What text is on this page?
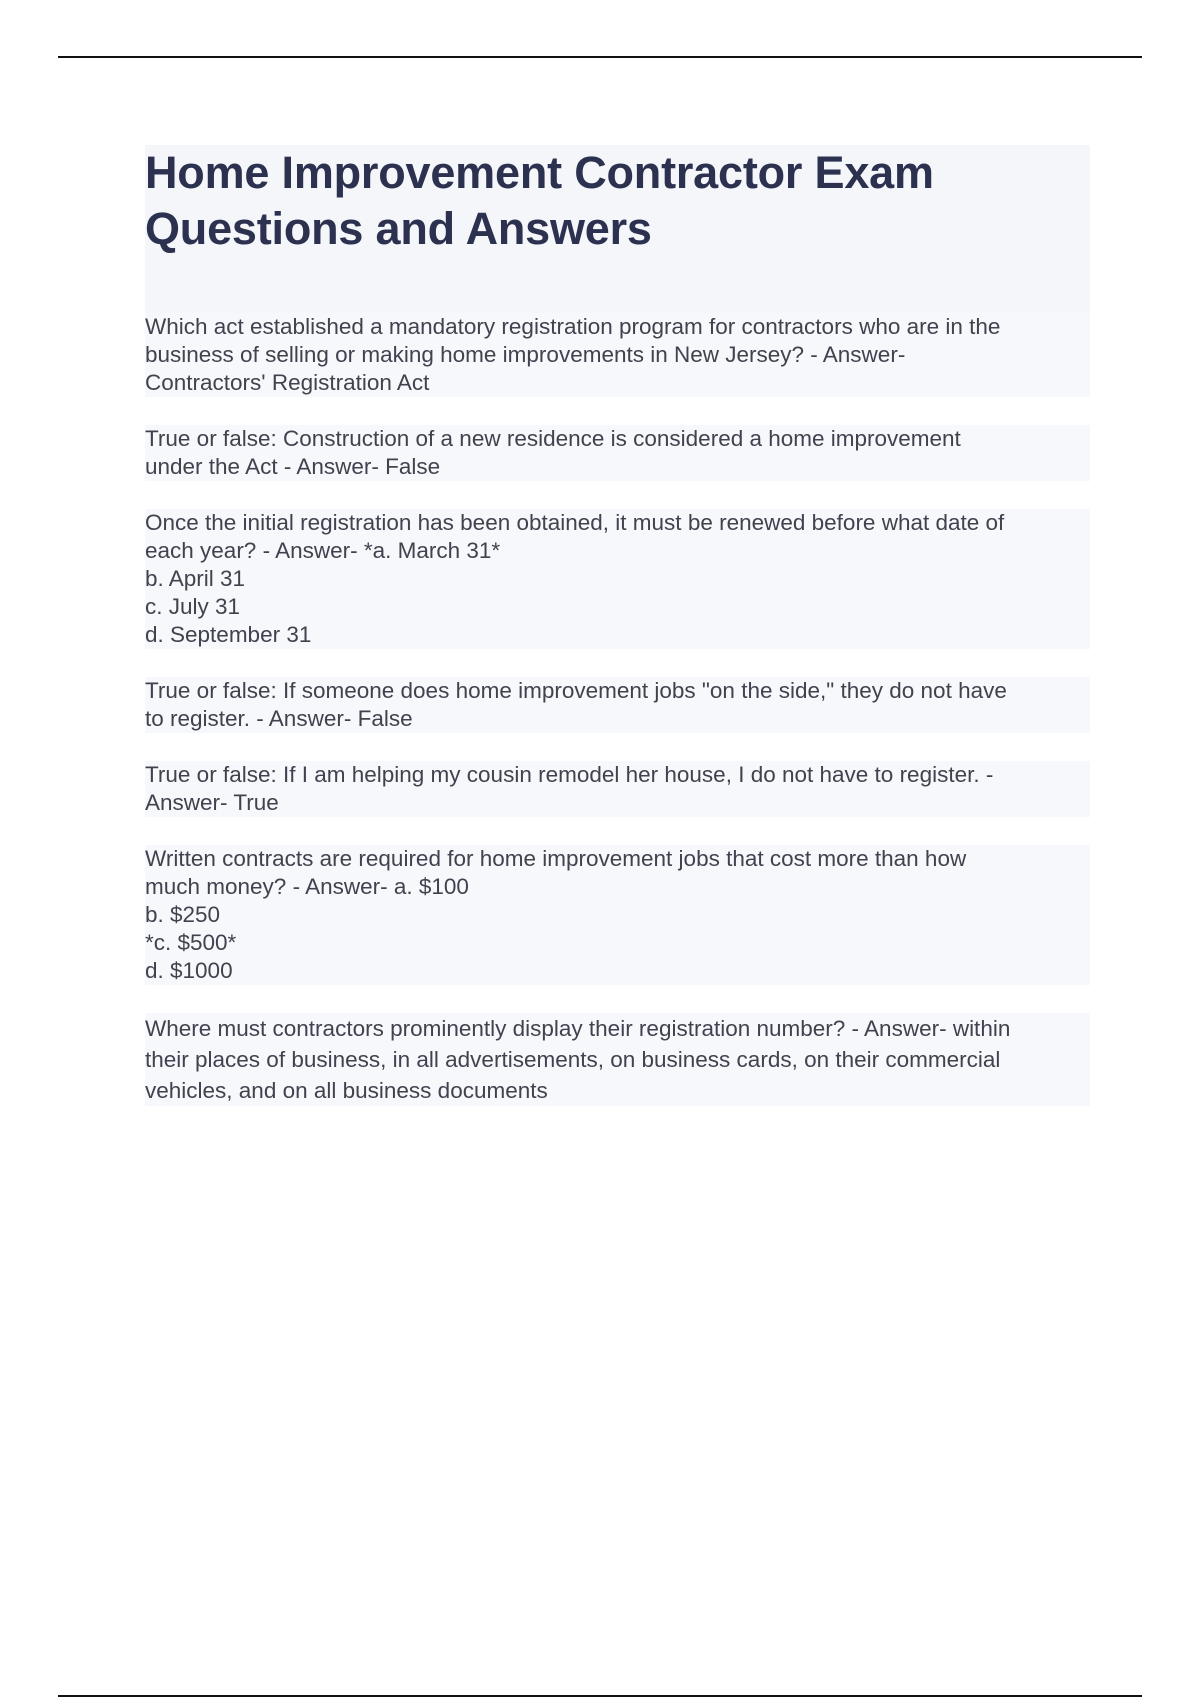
Home Improvement Contractor Exam
Questions and Answers
Which act established a mandatory registration program for contractors who are in the
business of selling or making home improvements in New Jersey? - Answer-
Contractors' Registration Act
True or false: Construction of a new residence is considered a home improvement
under the Act - Answer- False
Once the initial registration has been obtained, it must be renewed before what date of
each year? - Answer- *a. March 31*
b. April 31
c. July 31
d. September 31
True or false: If someone does home improvement jobs "on the side," they do not have
to register. - Answer- False
True or false: If I am helping my cousin remodel her house, I do not have to register. -
Answer- True
Written contracts are required for home improvement jobs that cost more than how
much money? - Answer- a. $100
b. $250
*c. $500*
d. $1000
Where must contractors prominently display their registration number? - Answer- within
their places of business, in all advertisements, on business cards, on their commercial
vehicles, and on all business documents
